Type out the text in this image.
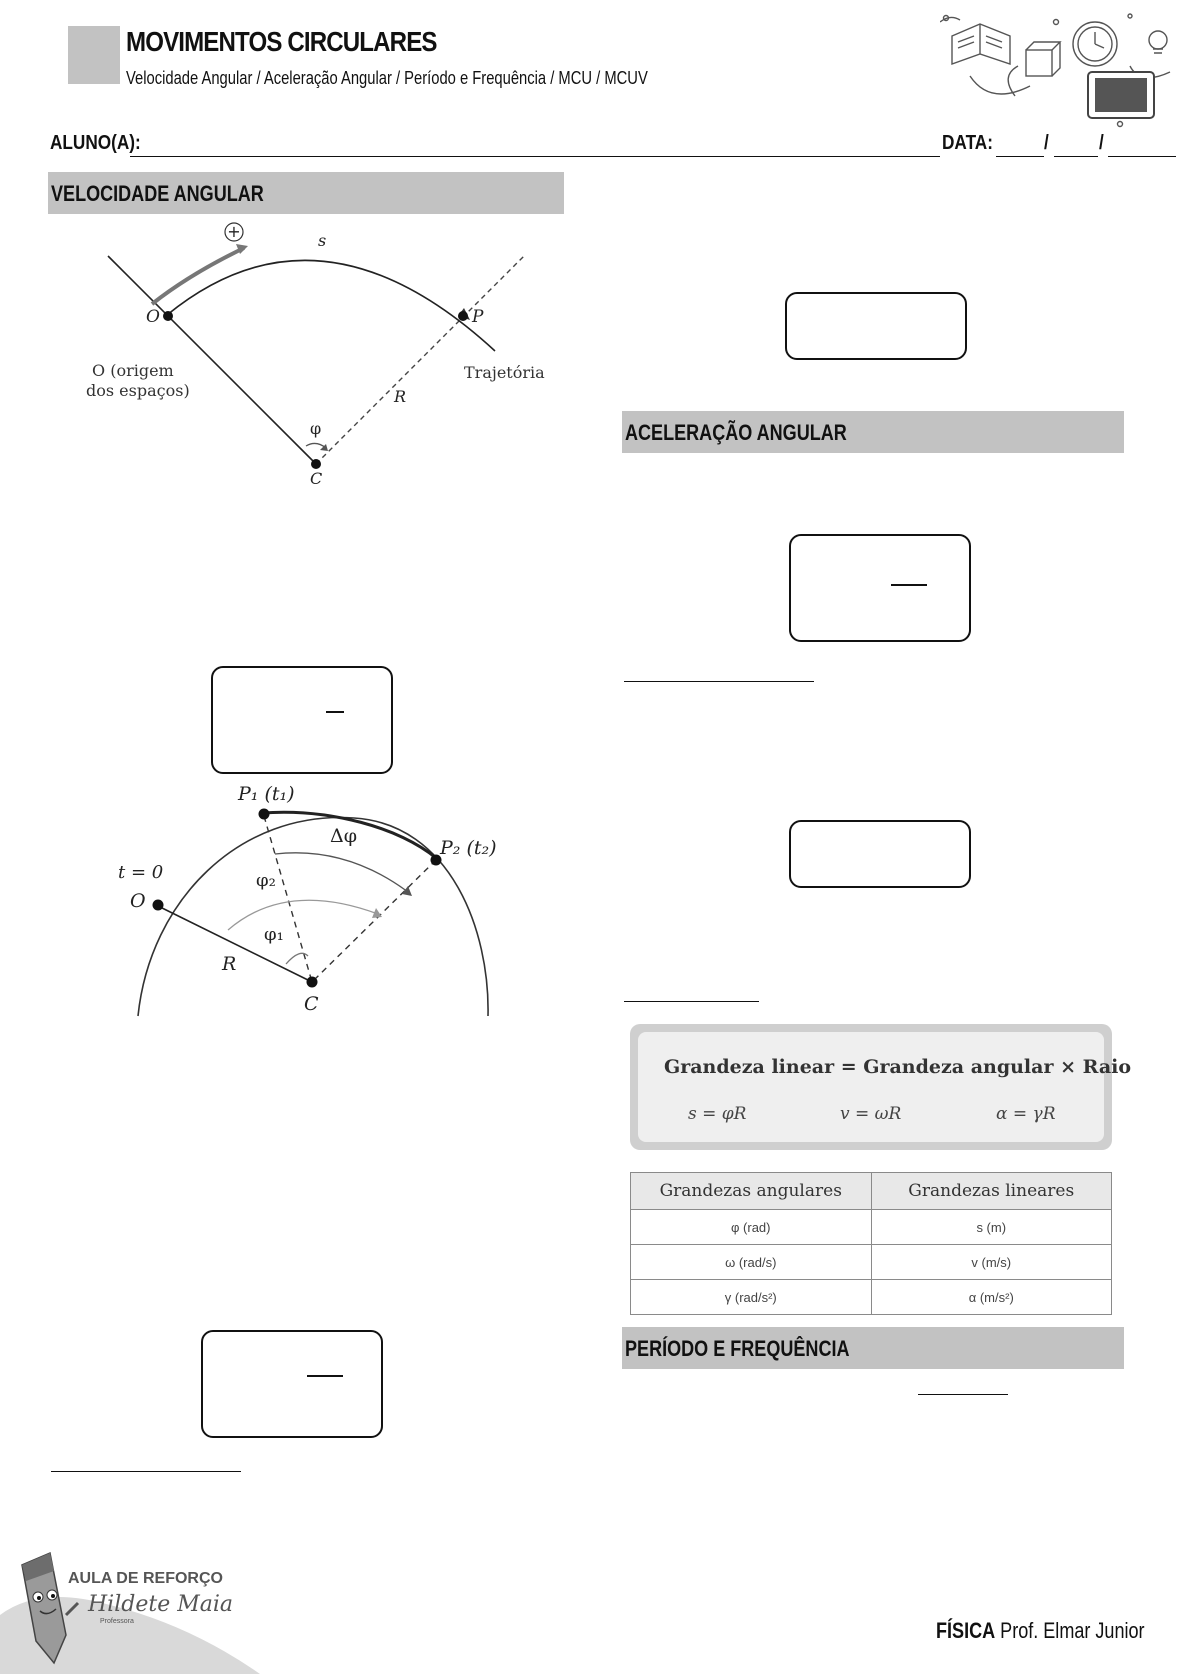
MOVIMENTOS CIRCULARES
Velocidade Angular / Aceleração Angular / Período e Frequência / MCU / MCUV
ALUNO(A):	DATA:	/	/
VELOCIDADE ANGULAR
+	s
O	P
O (origem
dos espaços)
Trajetória
R
φ
C
P₁ (t₁)
P₂ (t₂)
Δφ
t = 0
O
φ₂
φ₁
R
C
ACELERAÇÃO ANGULAR
Grandeza linear = Grandeza angular × Raio
s = φR	v = ωR	α = γR
Grandezas angulares	Grandezas lineares
φ (rad)	s (m)
ω (rad/s)	v (m/s)
γ (rad/s²)	α (m/s²)
PERÍODO E FREQUÊNCIA
AULA DE REFORÇO
Hildete Maia
Professora	FÍSICA Prof. Elmar Junior
